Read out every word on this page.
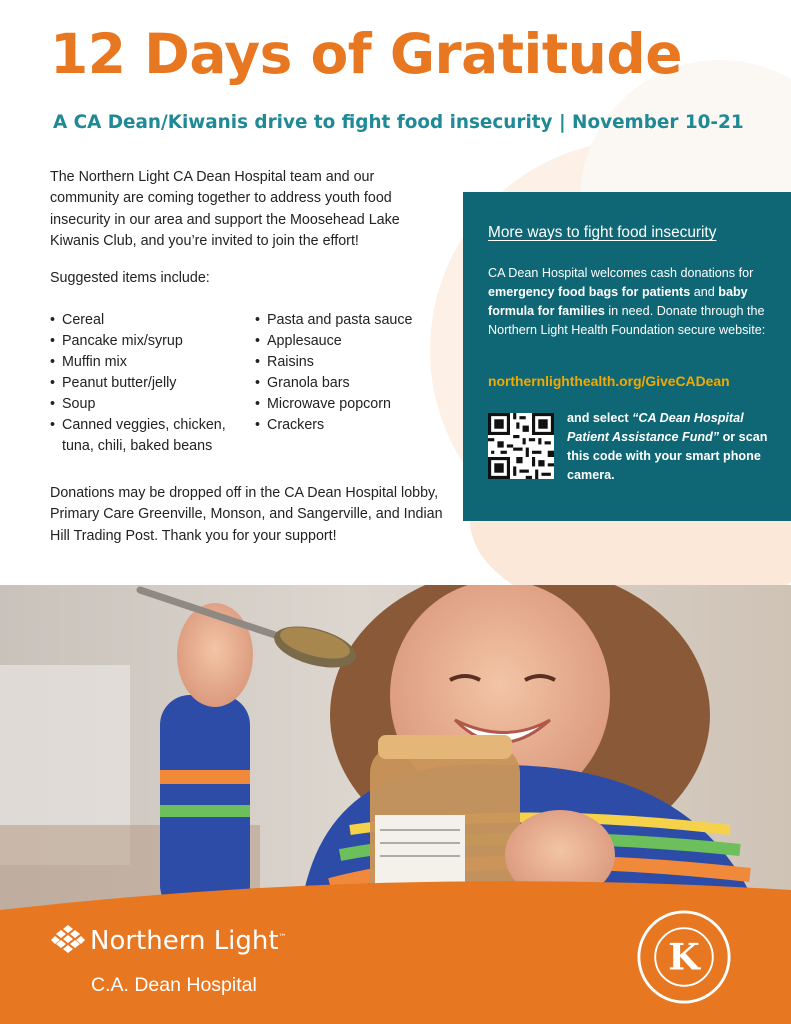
12 Days of Gratitude

A CA Dean/Kiwanis drive to fight food insecurity | November 10-21

The Northern Light CA Dean Hospital team and our community are coming together to address youth food insecurity in our area and support the Moosehead Lake Kiwanis Club, and you’re invited to join the effort!

Suggested items include:

• Cereal
• Pancake mix/syrup
• Muffin mix
• Peanut butter/jelly
• Soup
• Canned veggies, chicken, tuna, chili, baked beans
• Pasta and pasta sauce
• Applesauce
• Raisins
• Granola bars
• Microwave popcorn
• Crackers

Donations may be dropped off in the CA Dean Hospital lobby, Primary Care Greenville, Monson, and Sangerville, and Indian Hill Trading Post. Thank you for your support!

More ways to fight food insecurity

CA Dean Hospital welcomes cash donations for emergency food bags for patients and baby formula for families in need. Donate through the Northern Light Health Foundation secure website:

northernlighthealth.org/GiveCADean

and select “CA Dean Hospital Patient Assistance Fund” or scan this code with your smart phone camera.

Northern Light™

C.A. Dean Hospital

K
